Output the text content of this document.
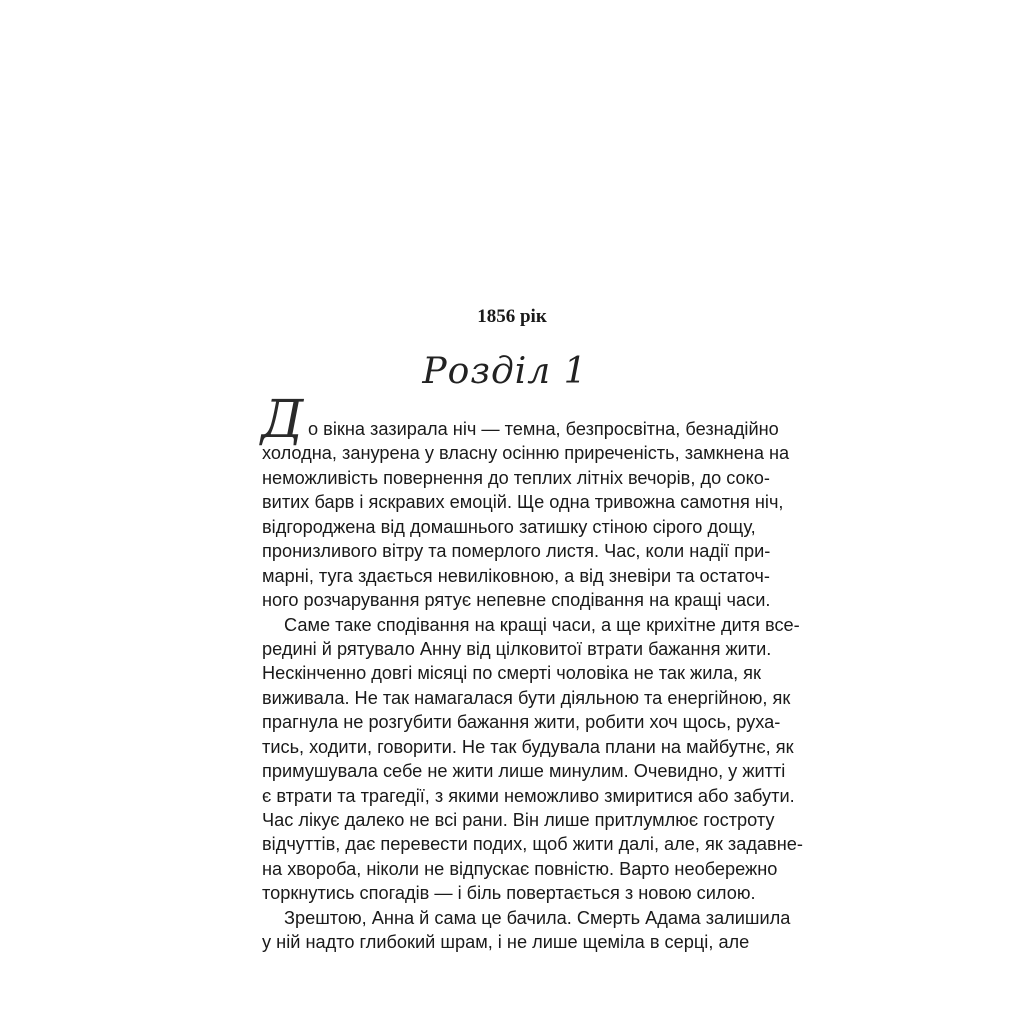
1856 рік
Розділ 1
Д о вікна зазирала ніч — темна, безпросвітна, безнадійно
холодна, занурена у власну осінню приреченість, замкнена на
неможливість повернення до теплих літніх вечорів, до соко-
витих барв і яскравих емоцій. Ще одна тривожна самотня ніч,
відгороджена від домашнього затишку стіною сірого дощу,
пронизливого вітру та померлого листя. Час, коли надії при-
марні, туга здається невиліковною, а від зневіри та остаточ-
ного розчарування рятує непевне сподівання на кращі часи.
Саме таке сподівання на кращі часи, а ще крихітне дитя все-
редині й рятувало Анну від цілковитої втрати бажання жити.
Нескінченно довгі місяці по смерті чоловіка не так жила, як
виживала. Не так намагалася бути діяльною та енергійною, як
прагнула не розгубити бажання жити, робити хоч щось, руха-
тись, ходити, говорити. Не так будувала плани на майбутнє, як
примушувала себе не жити лише минулим. Очевидно, у житті
є втрати та трагедії, з якими неможливо змиритися або забути.
Час лікує далеко не всі рани. Він лише притлумлює гостроту
відчуттів, дає перевести подих, щоб жити далі, але, як задавне-
на хвороба, ніколи не відпускає повністю. Варто необережно
торкнутись спогадів — і біль повертається з новою силою.
Зрештою, Анна й сама це бачила. Смерть Адама залишила
у ній надто глибокий шрам, і не лише щеміла в серці, але
